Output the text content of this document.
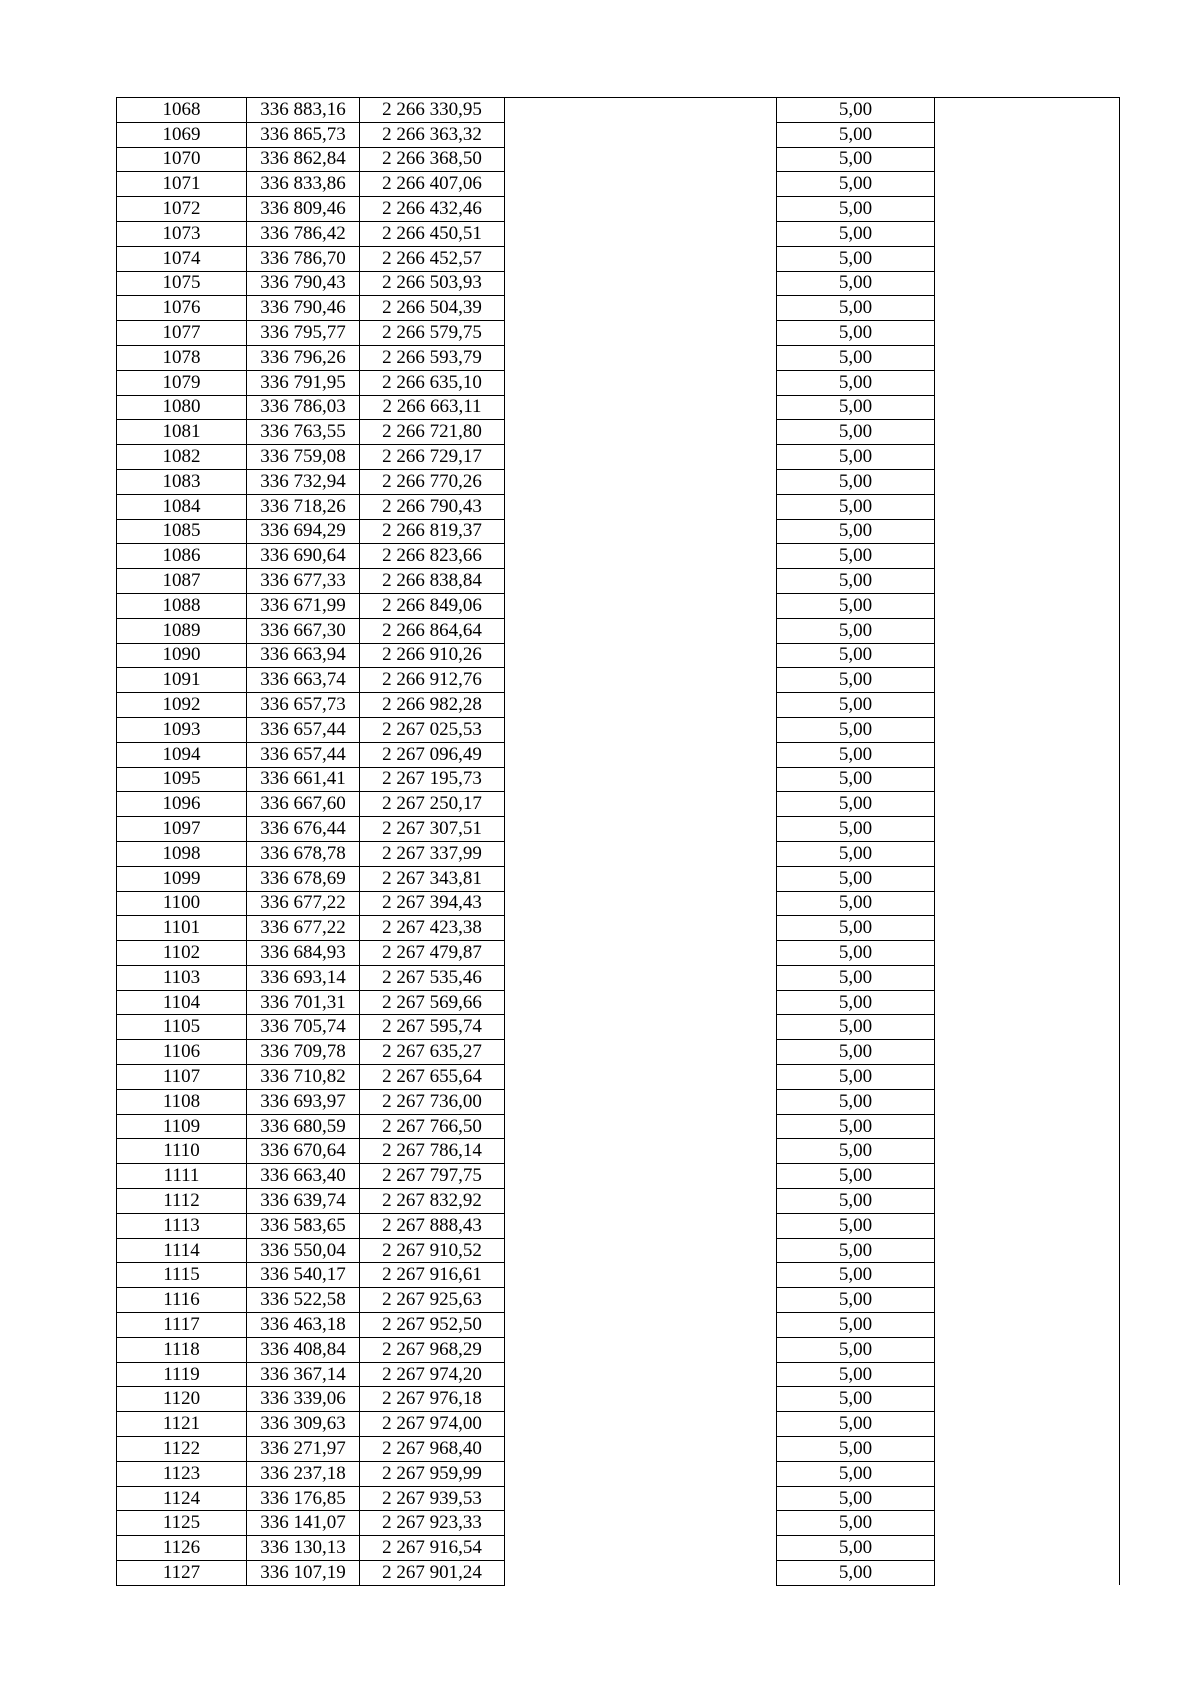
1068	336 883,16	2 266 330,95		5,00	
1069	336 865,73	2 266 363,32		5,00	
1070	336 862,84	2 266 368,50		5,00	
1071	336 833,86	2 266 407,06		5,00	
1072	336 809,46	2 266 432,46		5,00	
1073	336 786,42	2 266 450,51		5,00	
1074	336 786,70	2 266 452,57		5,00	
1075	336 790,43	2 266 503,93		5,00	
1076	336 790,46	2 266 504,39		5,00	
1077	336 795,77	2 266 579,75		5,00	
1078	336 796,26	2 266 593,79		5,00	
1079	336 791,95	2 266 635,10		5,00	
1080	336 786,03	2 266 663,11		5,00	
1081	336 763,55	2 266 721,80		5,00	
1082	336 759,08	2 266 729,17		5,00	
1083	336 732,94	2 266 770,26		5,00	
1084	336 718,26	2 266 790,43		5,00	
1085	336 694,29	2 266 819,37		5,00	
1086	336 690,64	2 266 823,66		5,00	
1087	336 677,33	2 266 838,84		5,00	
1088	336 671,99	2 266 849,06		5,00	
1089	336 667,30	2 266 864,64		5,00	
1090	336 663,94	2 266 910,26		5,00	
1091	336 663,74	2 266 912,76		5,00	
1092	336 657,73	2 266 982,28		5,00	
1093	336 657,44	2 267 025,53		5,00	
1094	336 657,44	2 267 096,49		5,00	
1095	336 661,41	2 267 195,73		5,00	
1096	336 667,60	2 267 250,17		5,00	
1097	336 676,44	2 267 307,51		5,00	
1098	336 678,78	2 267 337,99		5,00	
1099	336 678,69	2 267 343,81		5,00	
1100	336 677,22	2 267 394,43		5,00	
1101	336 677,22	2 267 423,38		5,00	
1102	336 684,93	2 267 479,87		5,00	
1103	336 693,14	2 267 535,46		5,00	
1104	336 701,31	2 267 569,66		5,00	
1105	336 705,74	2 267 595,74		5,00	
1106	336 709,78	2 267 635,27		5,00	
1107	336 710,82	2 267 655,64		5,00	
1108	336 693,97	2 267 736,00		5,00	
1109	336 680,59	2 267 766,50		5,00	
1110	336 670,64	2 267 786,14		5,00	
1111	336 663,40	2 267 797,75		5,00	
1112	336 639,74	2 267 832,92		5,00	
1113	336 583,65	2 267 888,43		5,00	
1114	336 550,04	2 267 910,52		5,00	
1115	336 540,17	2 267 916,61		5,00	
1116	336 522,58	2 267 925,63		5,00	
1117	336 463,18	2 267 952,50		5,00	
1118	336 408,84	2 267 968,29		5,00	
1119	336 367,14	2 267 974,20		5,00	
1120	336 339,06	2 267 976,18		5,00	
1121	336 309,63	2 267 974,00		5,00	
1122	336 271,97	2 267 968,40		5,00	
1123	336 237,18	2 267 959,99		5,00	
1124	336 176,85	2 267 939,53		5,00	
1125	336 141,07	2 267 923,33		5,00	
1126	336 130,13	2 267 916,54		5,00	
1127	336 107,19	2 267 901,24		5,00	
